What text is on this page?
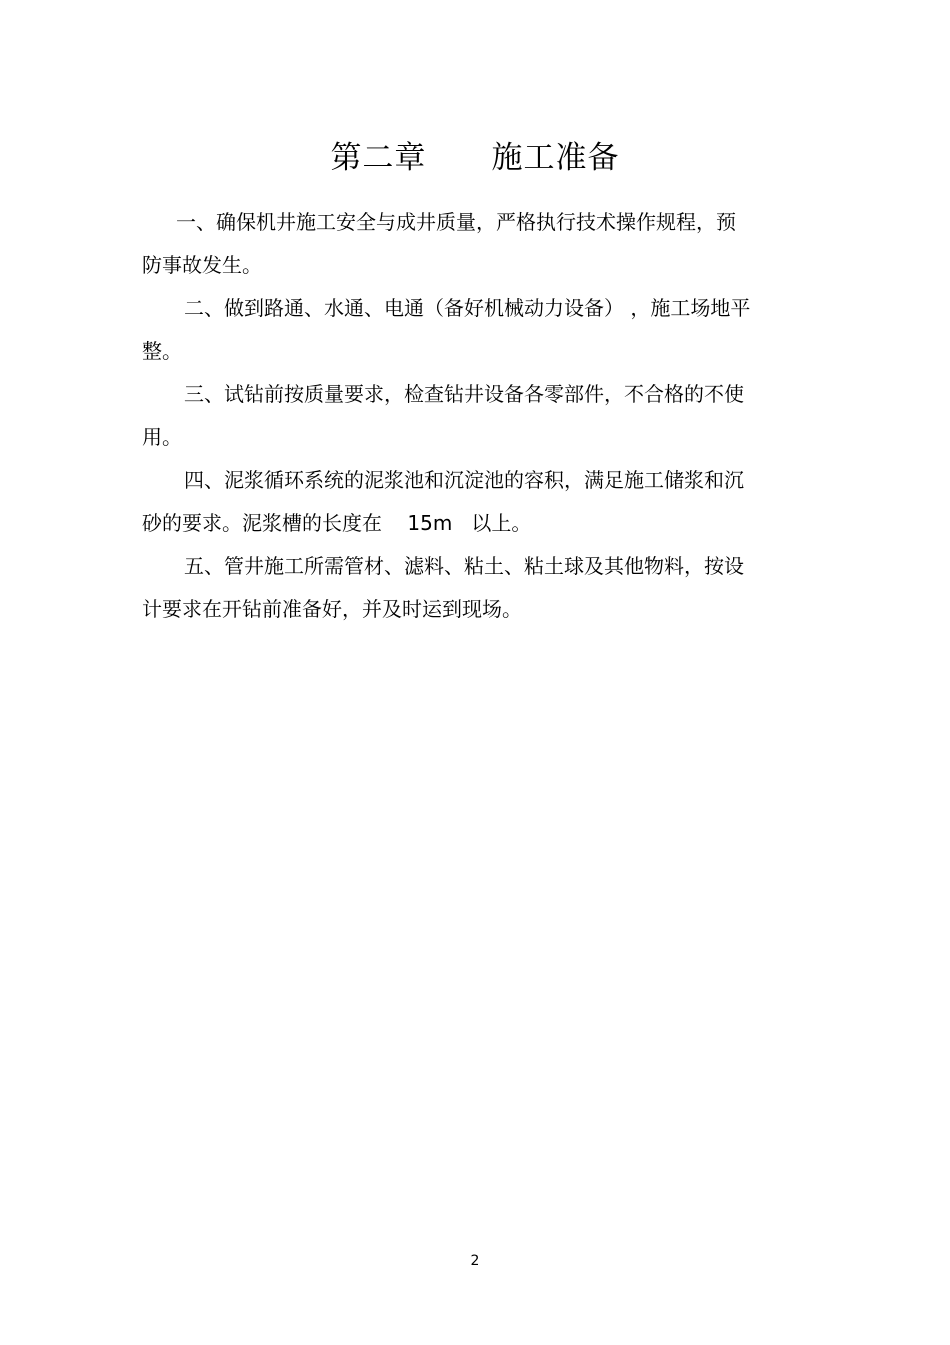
第二章      施工准备

一、确保机井施工安全与成井质量，严格执行技术操作规程，预

防事故发生。

二、做到路通、水通、电通（备好机械动力设备） ，施工场地平

整。

三、试钻前按质量要求，检查钻井设备各零部件，不合格的不使

用。

四、泥浆循环系统的泥浆池和沉淀池的容积，满足施工储浆和沉

砂的要求。泥浆槽的长度在    15m   以上。

五、管井施工所需管材、滤料、粘土、粘土球及其他物料，按设

计要求在开钻前准备好，并及时运到现场。

2
